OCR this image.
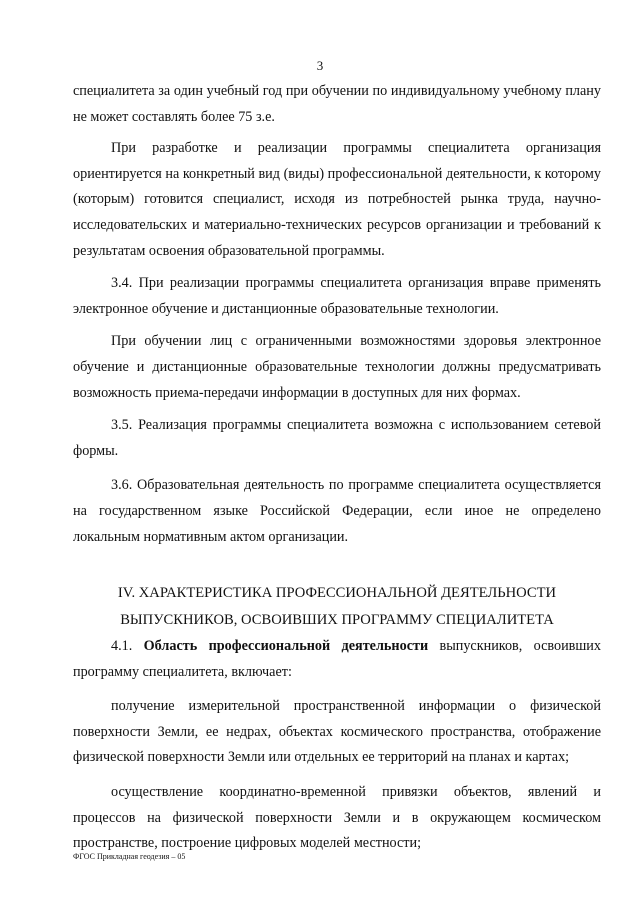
3

специалитета за один учебный год при обучении по индивидуальному учебному плану не может составлять более 75 з.е.

При разработке и реализации программы специалитета организация ориентируется на конкретный вид (виды) профессиональной деятельности, к которому (которым) готовится специалист, исходя из потребностей рынка труда, научно-исследовательских и материально-технических ресурсов организации и требований к результатам освоения образовательной программы.

3.4. При реализации программы специалитета организация вправе применять электронное обучение и дистанционные образовательные технологии.

При обучении лиц с ограниченными возможностями здоровья электронное обучение и дистанционные образовательные технологии должны предусматривать возможность приема-передачи информации в доступных для них формах.

3.5. Реализация программы специалитета возможна с использованием сетевой формы.

3.6. Образовательная деятельность по программе специалитета осуществляется на государственном языке Российской Федерации, если иное не определено локальным нормативным актом организации.

IV. ХАРАКТЕРИСТИКА ПРОФЕССИОНАЛЬНОЙ ДЕЯТЕЛЬНОСТИ
ВЫПУСКНИКОВ, ОСВОИВШИХ ПРОГРАММУ СПЕЦИАЛИТЕТА

4.1. Область профессиональной деятельности выпускников, освоивших программу специалитета, включает:

получение измерительной пространственной информации о физической поверхности Земли, ее недрах, объектах космического пространства, отображение физической поверхности Земли или отдельных ее территорий на планах и картах;

осуществление координатно-временной привязки объектов, явлений и процессов на физической поверхности Земли и в окружающем космическом пространстве, построение цифровых моделей местности;

ФГОС Прикладная геодезия – 05
